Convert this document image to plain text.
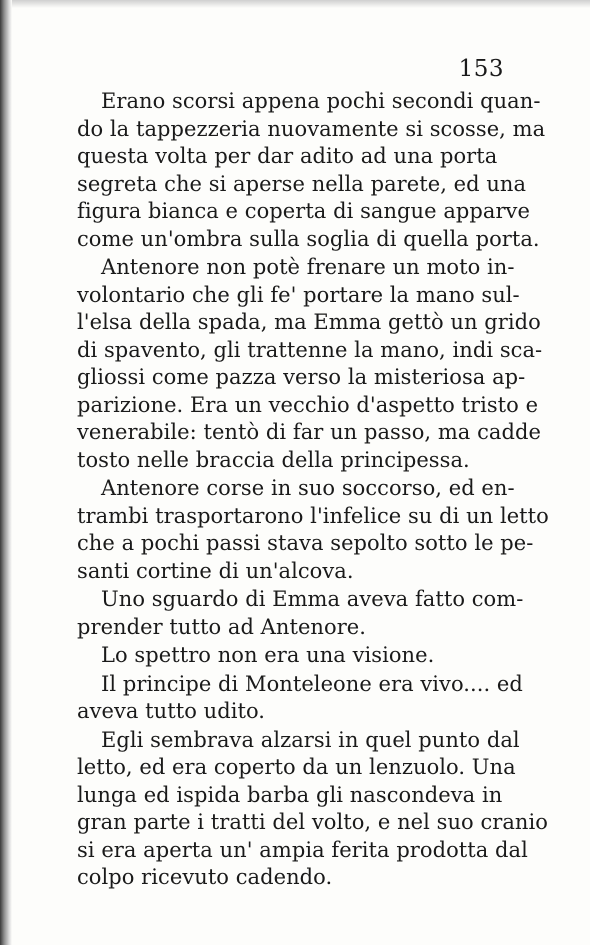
153
Erano scorsi appena pochi secondi quan-
do la tappezzeria nuovamente si scosse, ma
questa volta per dar adito ad una porta
segreta che si aperse nella parete, ed una
figura bianca e coperta di sangue apparve
come un'ombra sulla soglia di quella porta.
Antenore non potè frenare un moto in-
volontario che gli fe' portare la mano sul-
l'elsa della spada, ma Emma gettò un grido
di spavento, gli trattenne la mano, indi sca-
gliossi come pazza verso la misteriosa ap-
parizione. Era un vecchio d'aspetto tristo e
venerabile: tentò di far un passo, ma cadde
tosto nelle braccia della principessa.
Antenore corse in suo soccorso, ed en-
trambi trasportarono l'infelice su di un letto
che a pochi passi stava sepolto sotto le pe-
santi cortine di un'alcova.
Uno sguardo di Emma aveva fatto com-
prender tutto ad Antenore.
Lo spettro non era una visione.
Il principe di Monteleone era vivo.... ed
aveva tutto udito.
Egli sembrava alzarsi in quel punto dal
letto, ed era coperto da un lenzuolo. Una
lunga ed ispida barba gli nascondeva in
gran parte i tratti del volto, e nel suo cranio
si era aperta un' ampia ferita prodotta dal
colpo ricevuto cadendo.
